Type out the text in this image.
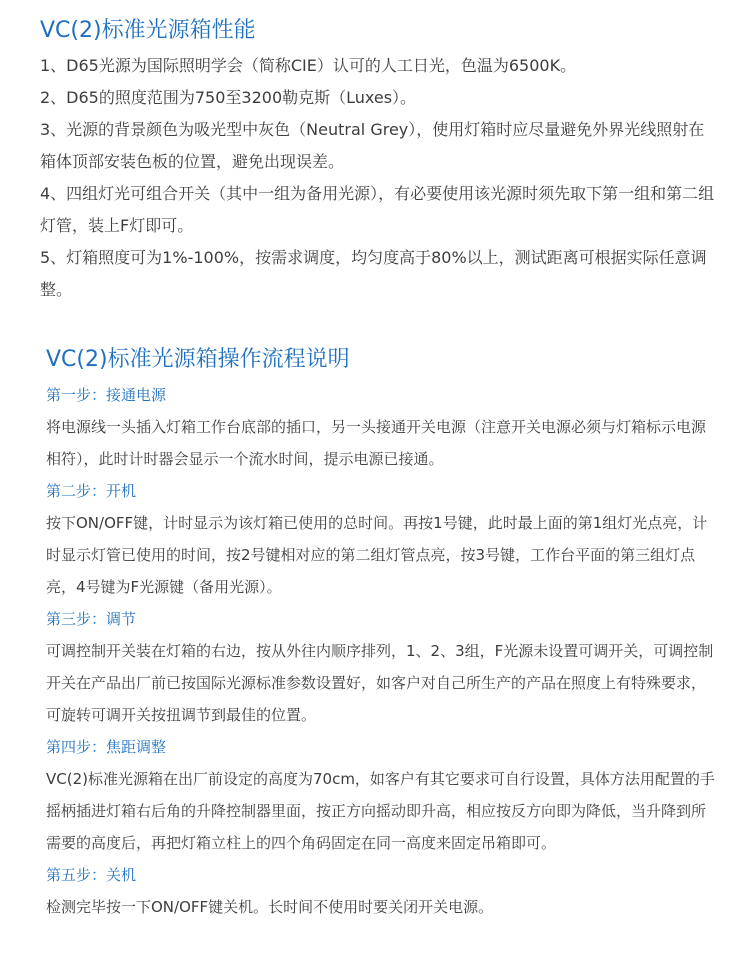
VC(2)标准光源箱性能
1、D65光源为国际照明学会（简称CIE）认可的人工日光，色温为6500K。
2、D65的照度范围为750至3200勒克斯（Luxes）。
3、光源的背景颜色为吸光型中灰色（Neutral Grey），使用灯箱时应尽量避免外界光线照射在箱体顶部安装色板的位置，避免出现误差。
4、四组灯光可组合开关（其中一组为备用光源），有必要使用该光源时须先取下第一组和第二组灯管，装上F灯即可。
5、灯箱照度可为1%-100%，按需求调度，均匀度高于80%以上，测试距离可根据实际任意调整。
VC(2)标准光源箱操作流程说明
第一步：接通电源
将电源线一头插入灯箱工作台底部的插口，另一头接通开关电源（注意开关电源必须与灯箱标示电源相符），此时计时器会显示一个流水时间，提示电源已接通。
第二步：开机
按下ON/OFF键，计时显示为该灯箱已使用的总时间。再按1号键，此时最上面的第1组灯光点亮，计时显示灯管已使用的时间，按2号键相对应的第二组灯管点亮，按3号键，工作台平面的第三组灯点亮，4号键为F光源键（备用光源）。
第三步：调节
可调控制开关装在灯箱的右边，按从外往内顺序排列，1、2、3组，F光源未设置可调开关，可调控制开关在产品出厂前已按国际光源标准参数设置好，如客户对自己所生产的产品在照度上有特殊要求，可旋转可调开关按扭调节到最佳的位置。
第四步：焦距调整
VC(2)标准光源箱在出厂前设定的高度为70cm，如客户有其它要求可自行设置，具体方法用配置的手摇柄插进灯箱右后角的升降控制器里面，按正方向摇动即升高，相应按反方向即为降低，当升降到所需要的高度后，再把灯箱立柱上的四个角码固定在同一高度来固定吊箱即可。
第五步：关机
检测完毕按一下ON/OFF键关机。长时间不使用时要关闭开关电源。
